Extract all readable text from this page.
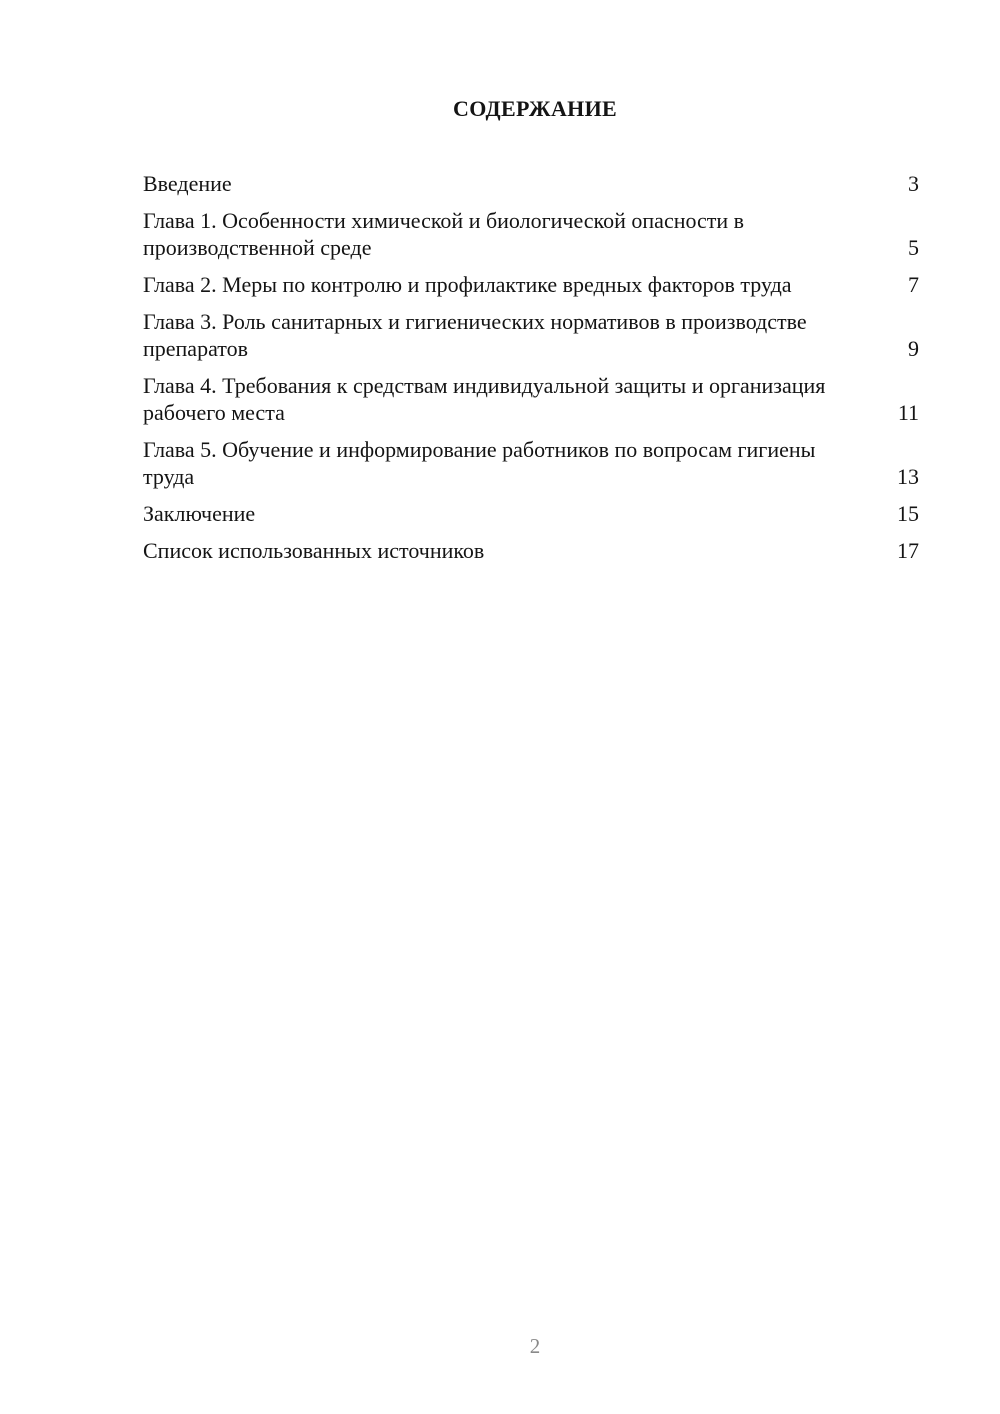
СОДЕРЖАНИЕ
Введение	3
Глава 1. Особенности химической и биологической опасности в производственной среде	5
Глава 2. Меры по контролю и профилактике вредных факторов труда	7
Глава 3. Роль санитарных и гигиенических нормативов в производстве препаратов	9
Глава 4. Требования к средствам индивидуальной защиты и организация рабочего места	11
Глава 5. Обучение и информирование работников по вопросам гигиены труда	13
Заключение	15
Список использованных источников	17
2
